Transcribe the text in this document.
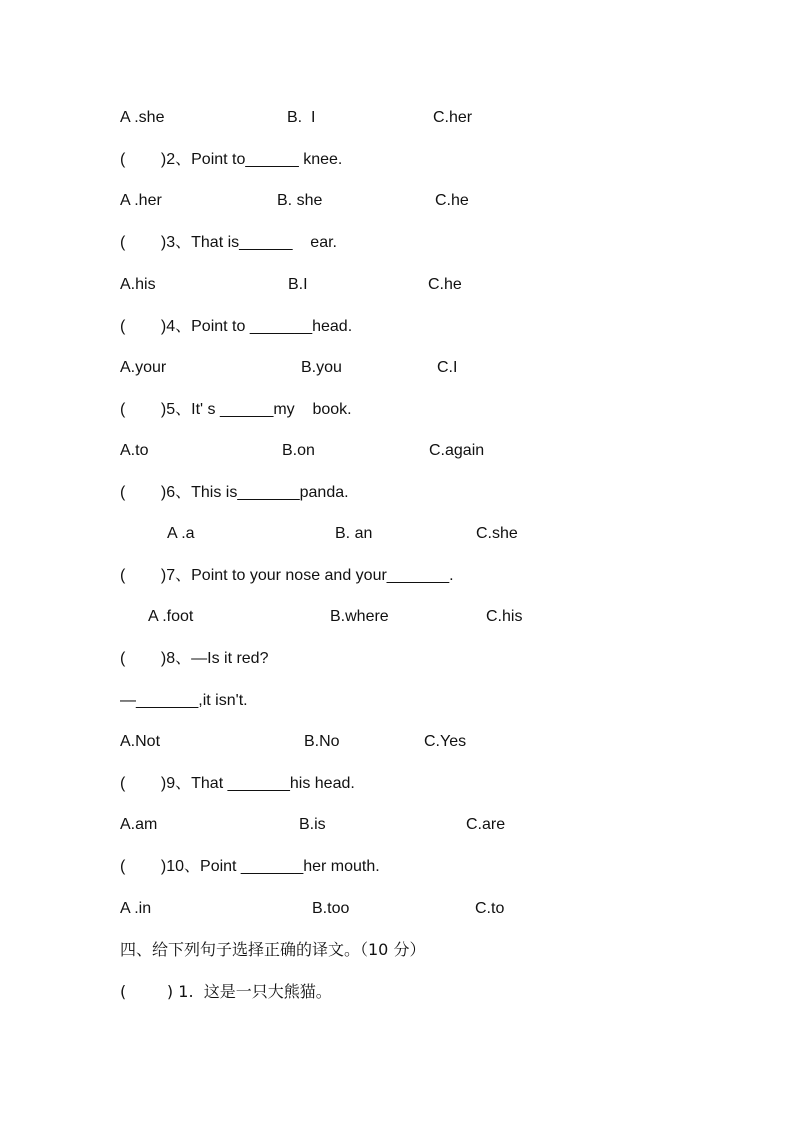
A .she	B.  I	C.her
(        )2、Point to______ knee.
A .her	B. she	C.he
(        )3、That is______    ear.
A.his	B.I	C.he
(        )4、Point to _______head.
A.your	B.you	C.I
(        )5、It' s ______my    book.
A.to	B.on	C.again
(        )6、This is_______panda.
A .a	B. an	C.she
(        )7、Point to your nose and your_______.
A .foot	B.where	C.his
(        )8、—Is it red?
—_______,it isn't.
A.Not	B.No	C.Yes
(        )9、That _______his head.
A.am	B.is	C.are
(        )10、Point _______her mouth.
A .in	B.too	C.to
四、给下列句子选择正确的译文。（10 分）
(        ) 1.  这是一只大熊猫。
